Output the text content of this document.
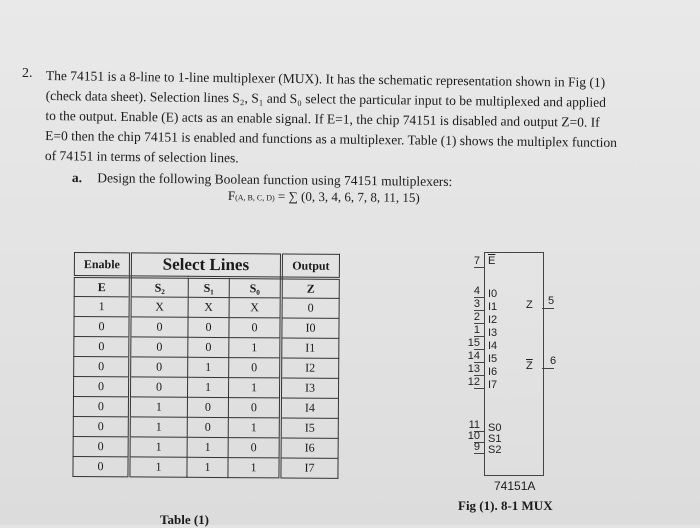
2. The 74151 is a 8-line to 1-line multiplexer (MUX). It has the schematic representation shown in Fig (1)
(check data sheet). Selection lines S₂, S₁ and S₀ select the particular input to be multiplexed and applied
to the output. Enable (E) acts as an enable signal. If E=1, the chip 74151 is disabled and output Z=0. If
E=0 then the chip 74151 is enabled and functions as a multiplexer. Table (1) shows the multiplex function
of 74151 in terms of selection lines.
a. Design the following Boolean function using 74151 multiplexers:
F(A, B, C, D) = ∑ (0, 3, 4, 6, 7, 8, 11, 15)
Enable	Select Lines			Output
E	S₂	S₁	S₀	Z
1	X	X	X	0
0	0	0	0	I0
0	0	0	1	I1
0	0	1	0	I2
0	0	1	1	I3
0	1	0	0	I4
0	1	0	1	I5
0	1	1	0	I6
0	1	1	1	I7
Table (1)
7 $\overline{E}$
4 I0
3 I1
2 I2
1 I3
15 I4
14 I5
13 I6
12 I7
11 S0
10 S1
9 S2
Z 5
$\overline{Z}$ 6
74151A
Fig (1). 8-1 MUX
